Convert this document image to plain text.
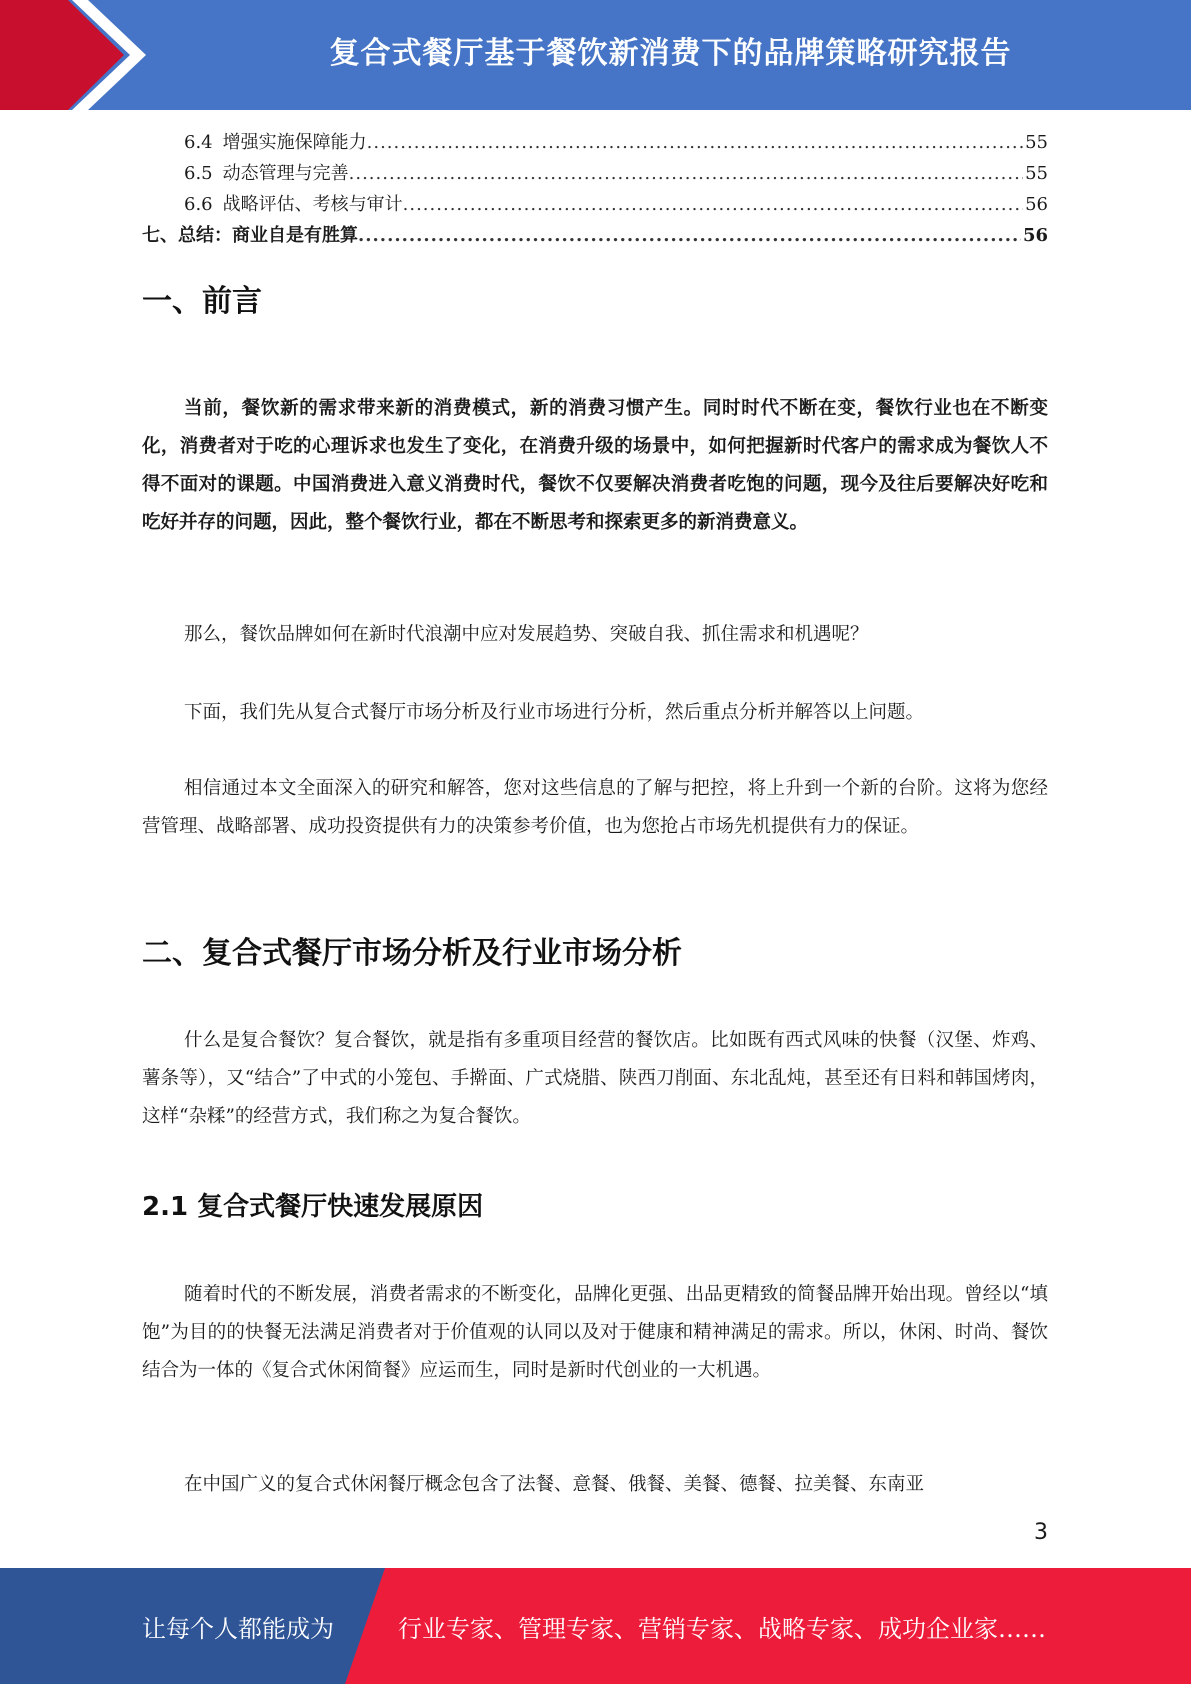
复合式餐厅基于餐饮新消费下的品牌策略研究报告
6.4 增强实施保障能力 .....	55
6.5 动态管理与完善 .....	55
6.6 战略评估、考核与审计 .....	56
七、总结：商业自是有胜算 .....	56
一、前言

当前，餐饮新的需求带来新的消费模式，新的消费习惯产生。同时时代不断在变，餐饮行业也在不断变化，消费者对于吃的心理诉求也发生了变化，在消费升级的场景中，如何把握新时代客户的需求成为餐饮人不得不面对的课题。中国消费进入意义消费时代，餐饮不仅要解决消费者吃饱的问题，现今及往后要解决好吃和吃好并存的问题，因此，整个餐饮行业，都在不断思考和探索更多的新消费意义。

那么，餐饮品牌如何在新时代浪潮中应对发展趋势、突破自我、抓住需求和机遇呢？

下面，我们先从复合式餐厅市场分析及行业市场进行分析，然后重点分析并解答以上问题。

相信通过本文全面深入的研究和解答，您对这些信息的了解与把控，将上升到一个新的台阶。这将为您经营管理、战略部署、成功投资提供有力的决策参考价值，也为您抢占市场先机提供有力的保证。

二、复合式餐厅市场分析及行业市场分析

什么是复合餐饮？复合餐饮，就是指有多重项目经营的餐饮店。比如既有西式风味的快餐（汉堡、炸鸡、薯条等），又“结合”了中式的小笼包、手擀面、广式烧腊、陕西刀削面、东北乱炖，甚至还有日料和韩国烤肉，这样“杂糅”的经营方式，我们称之为复合餐饮。

2.1 复合式餐厅快速发展原因

随着时代的不断发展，消费者需求的不断变化，品牌化更强、出品更精致的简餐品牌开始出现。曾经以“填饱”为目的的快餐无法满足消费者对于价值观的认同以及对于健康和精神满足的需求。所以，休闲、时尚、餐饮结合为一体的《复合式休闲简餐》应运而生，同时是新时代创业的一大机遇。

在中国广义的复合式休闲餐厅概念包含了法餐、意餐、俄餐、美餐、德餐、拉美餐、东南亚

3
让每个人都能成为	行业专家、管理专家、营销专家、战略专家、成功企业家……
